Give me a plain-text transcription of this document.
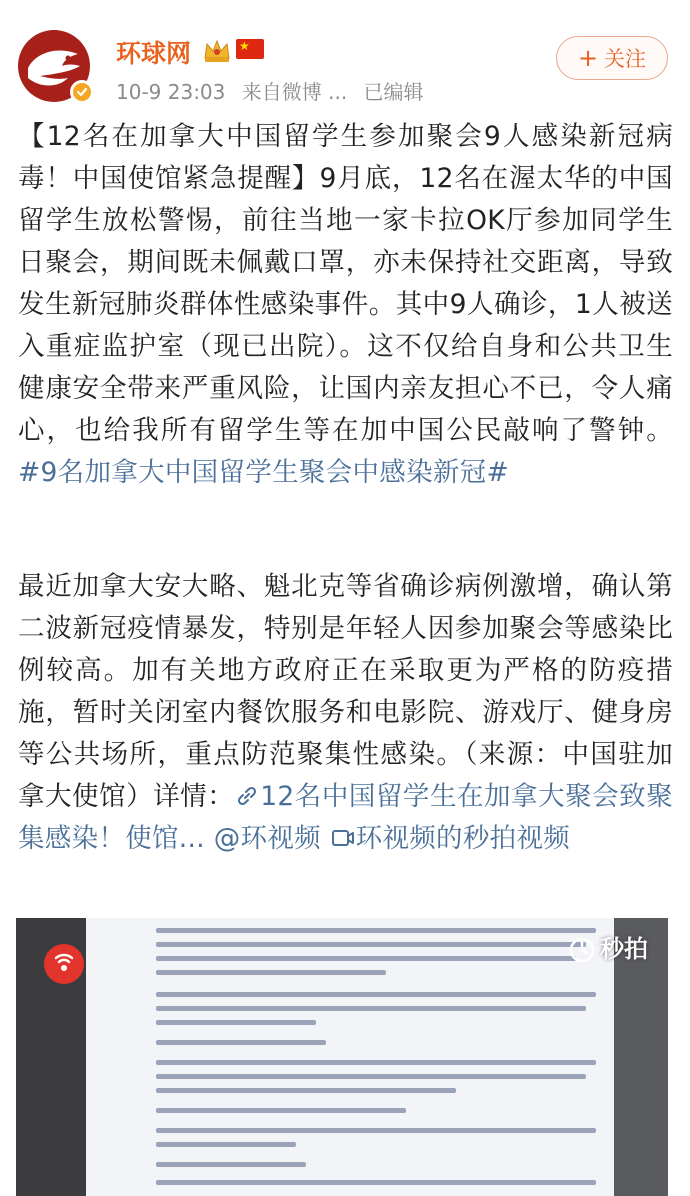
环球网	★
10-9 23:03 来自微博 ... 已编辑
+ 关注

【12名在加拿大中国留学生参加聚会9人感染新冠病毒！中国使馆紧急提醒】9月底，12名在渥太华的中国留学生放松警惕，前往当地一家卡拉OK厅参加同学生日聚会，期间既未佩戴口罩，亦未保持社交距离，导致发生新冠肺炎群体性感染事件。其中9人确诊，1人被送入重症监护室（现已出院）。这不仅给自身和公共卫生健康安全带来严重风险，让国内亲友担心不已，令人痛心，也给我所有留学生等在加中国公民敲响了警钟。#9名加拿大中国留学生聚会中感染新冠#

最近加拿大安大略、魁北克等省确诊病例激增，确认第二波新冠疫情暴发，特别是年轻人因参加聚会等感染比例较高。加有关地方政府正在采取更为严格的防疫措施，暂时关闭室内餐饮服务和电影院、游戏厅、健身房等公共场所，重点防范聚集性感染。（来源：中国驻加拿大使馆）详情： 12名中国留学生在加拿大聚会致聚集感染！使馆... @环视频 环视频的秒拍视频

秒拍
